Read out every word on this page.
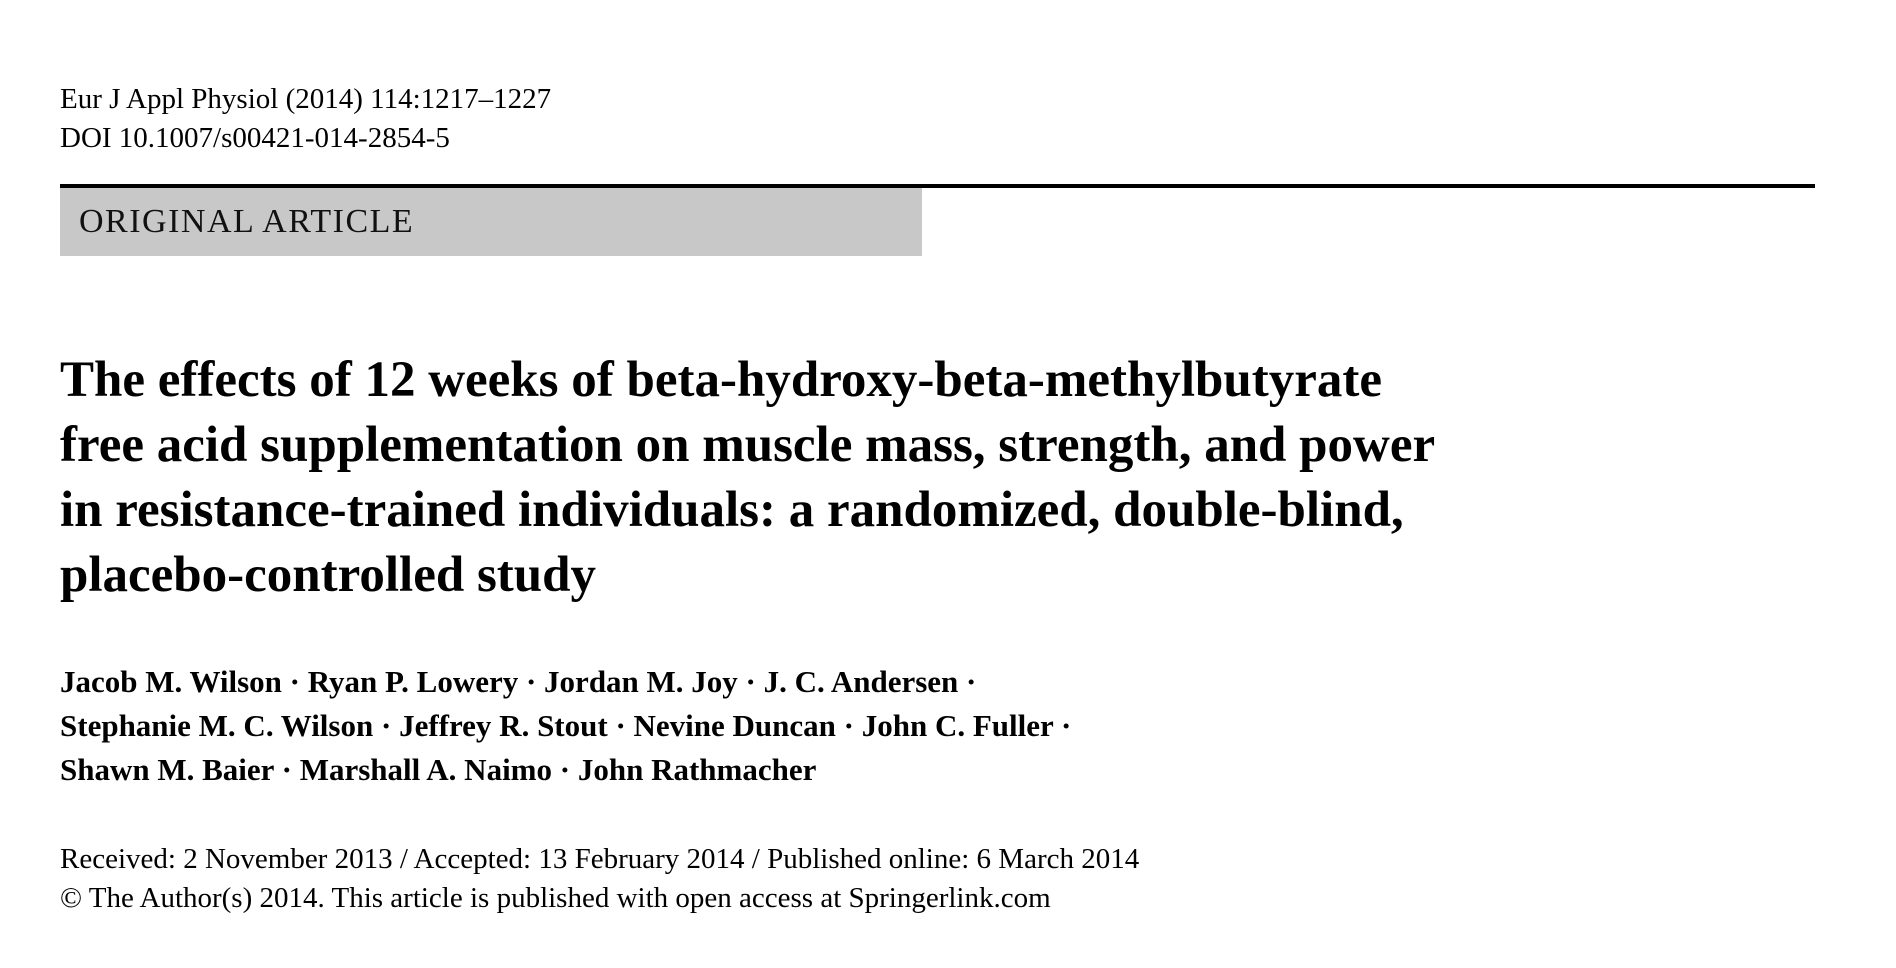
Eur J Appl Physiol (2014) 114:1217–1227
DOI 10.1007/s00421-014-2854-5
ORIGINAL ARTICLE
The effects of 12 weeks of beta-hydroxy-beta-methylbutyrate
free acid supplementation on muscle mass, strength, and power
in resistance-trained individuals: a randomized, double-blind,
placebo-controlled study
Jacob M. Wilson · Ryan P. Lowery · Jordan M. Joy · J. C. Andersen ·
Stephanie M. C. Wilson · Jeffrey R. Stout · Nevine Duncan · John C. Fuller ·
Shawn M. Baier · Marshall A. Naimo · John Rathmacher
Received: 2 November 2013 / Accepted: 13 February 2014 / Published online: 6 March 2014
© The Author(s) 2014. This article is published with open access at Springerlink.com
